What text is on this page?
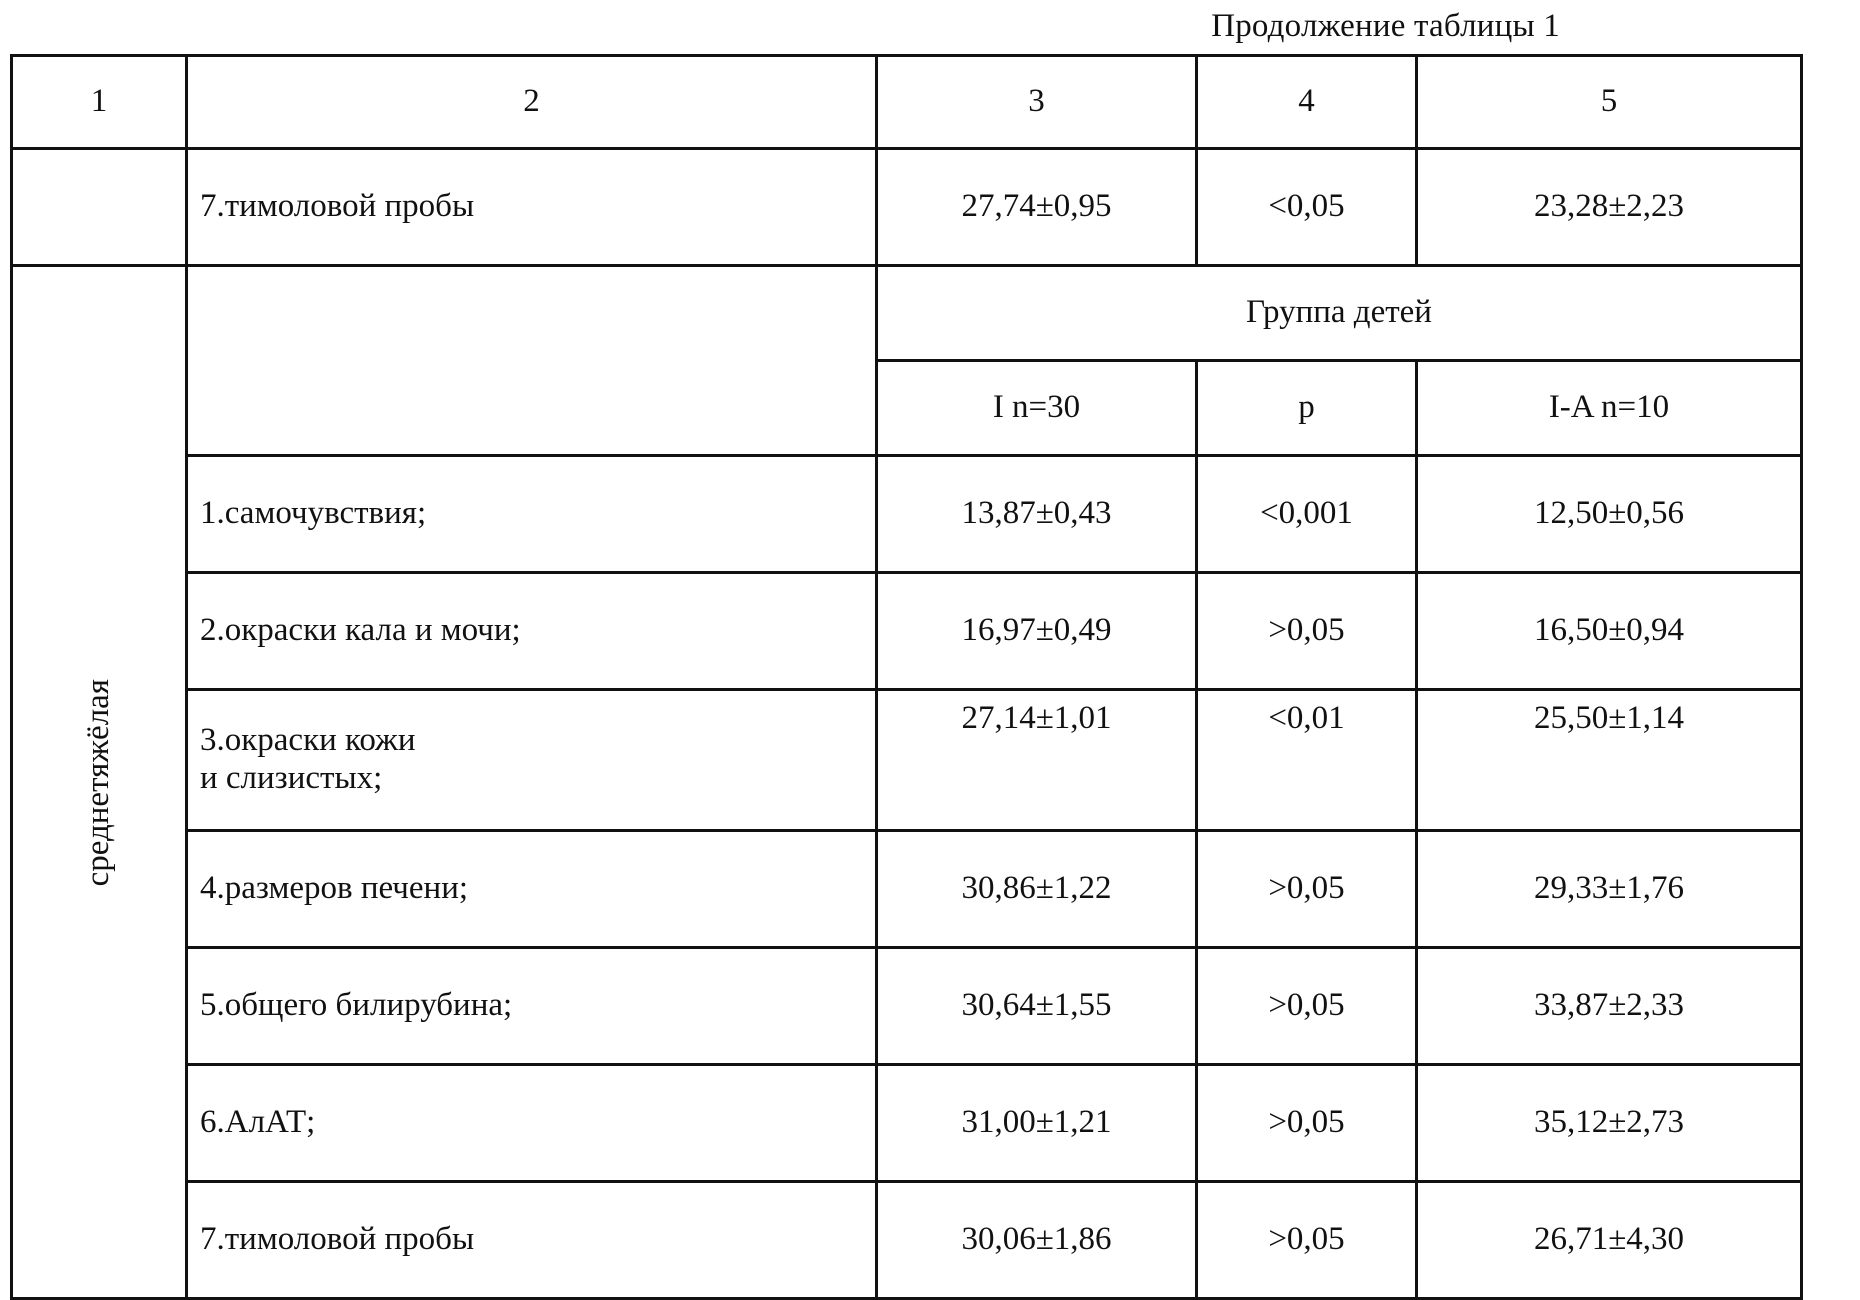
Продолжение таблицы 1
1	2	3	4	5
	7.тимоловой пробы	27,74±0,95	<0,05	23,28±2,23

среднетяжёлая		Группа детей		
		I n=30	p	I-A n=10
	1.самочувствия;	13,87±0,43	<0,001	12,50±0,56
	2.окраски кала и мочи;	16,97±0,49	>0,05	16,50±0,94

	3.окраски кожи
и слизистых;	27,14±1,01	<0,01	25,50±1,14
	4.размеров печени;	30,86±1,22	>0,05	29,33±1,76
	5.общего билирубина;	30,64±1,55	>0,05	33,87±2,33
	6.АлАТ;	31,00±1,21	>0,05	35,12±2,73
	7.тимоловой пробы	30,06±1,86	>0,05	26,71±4,30
